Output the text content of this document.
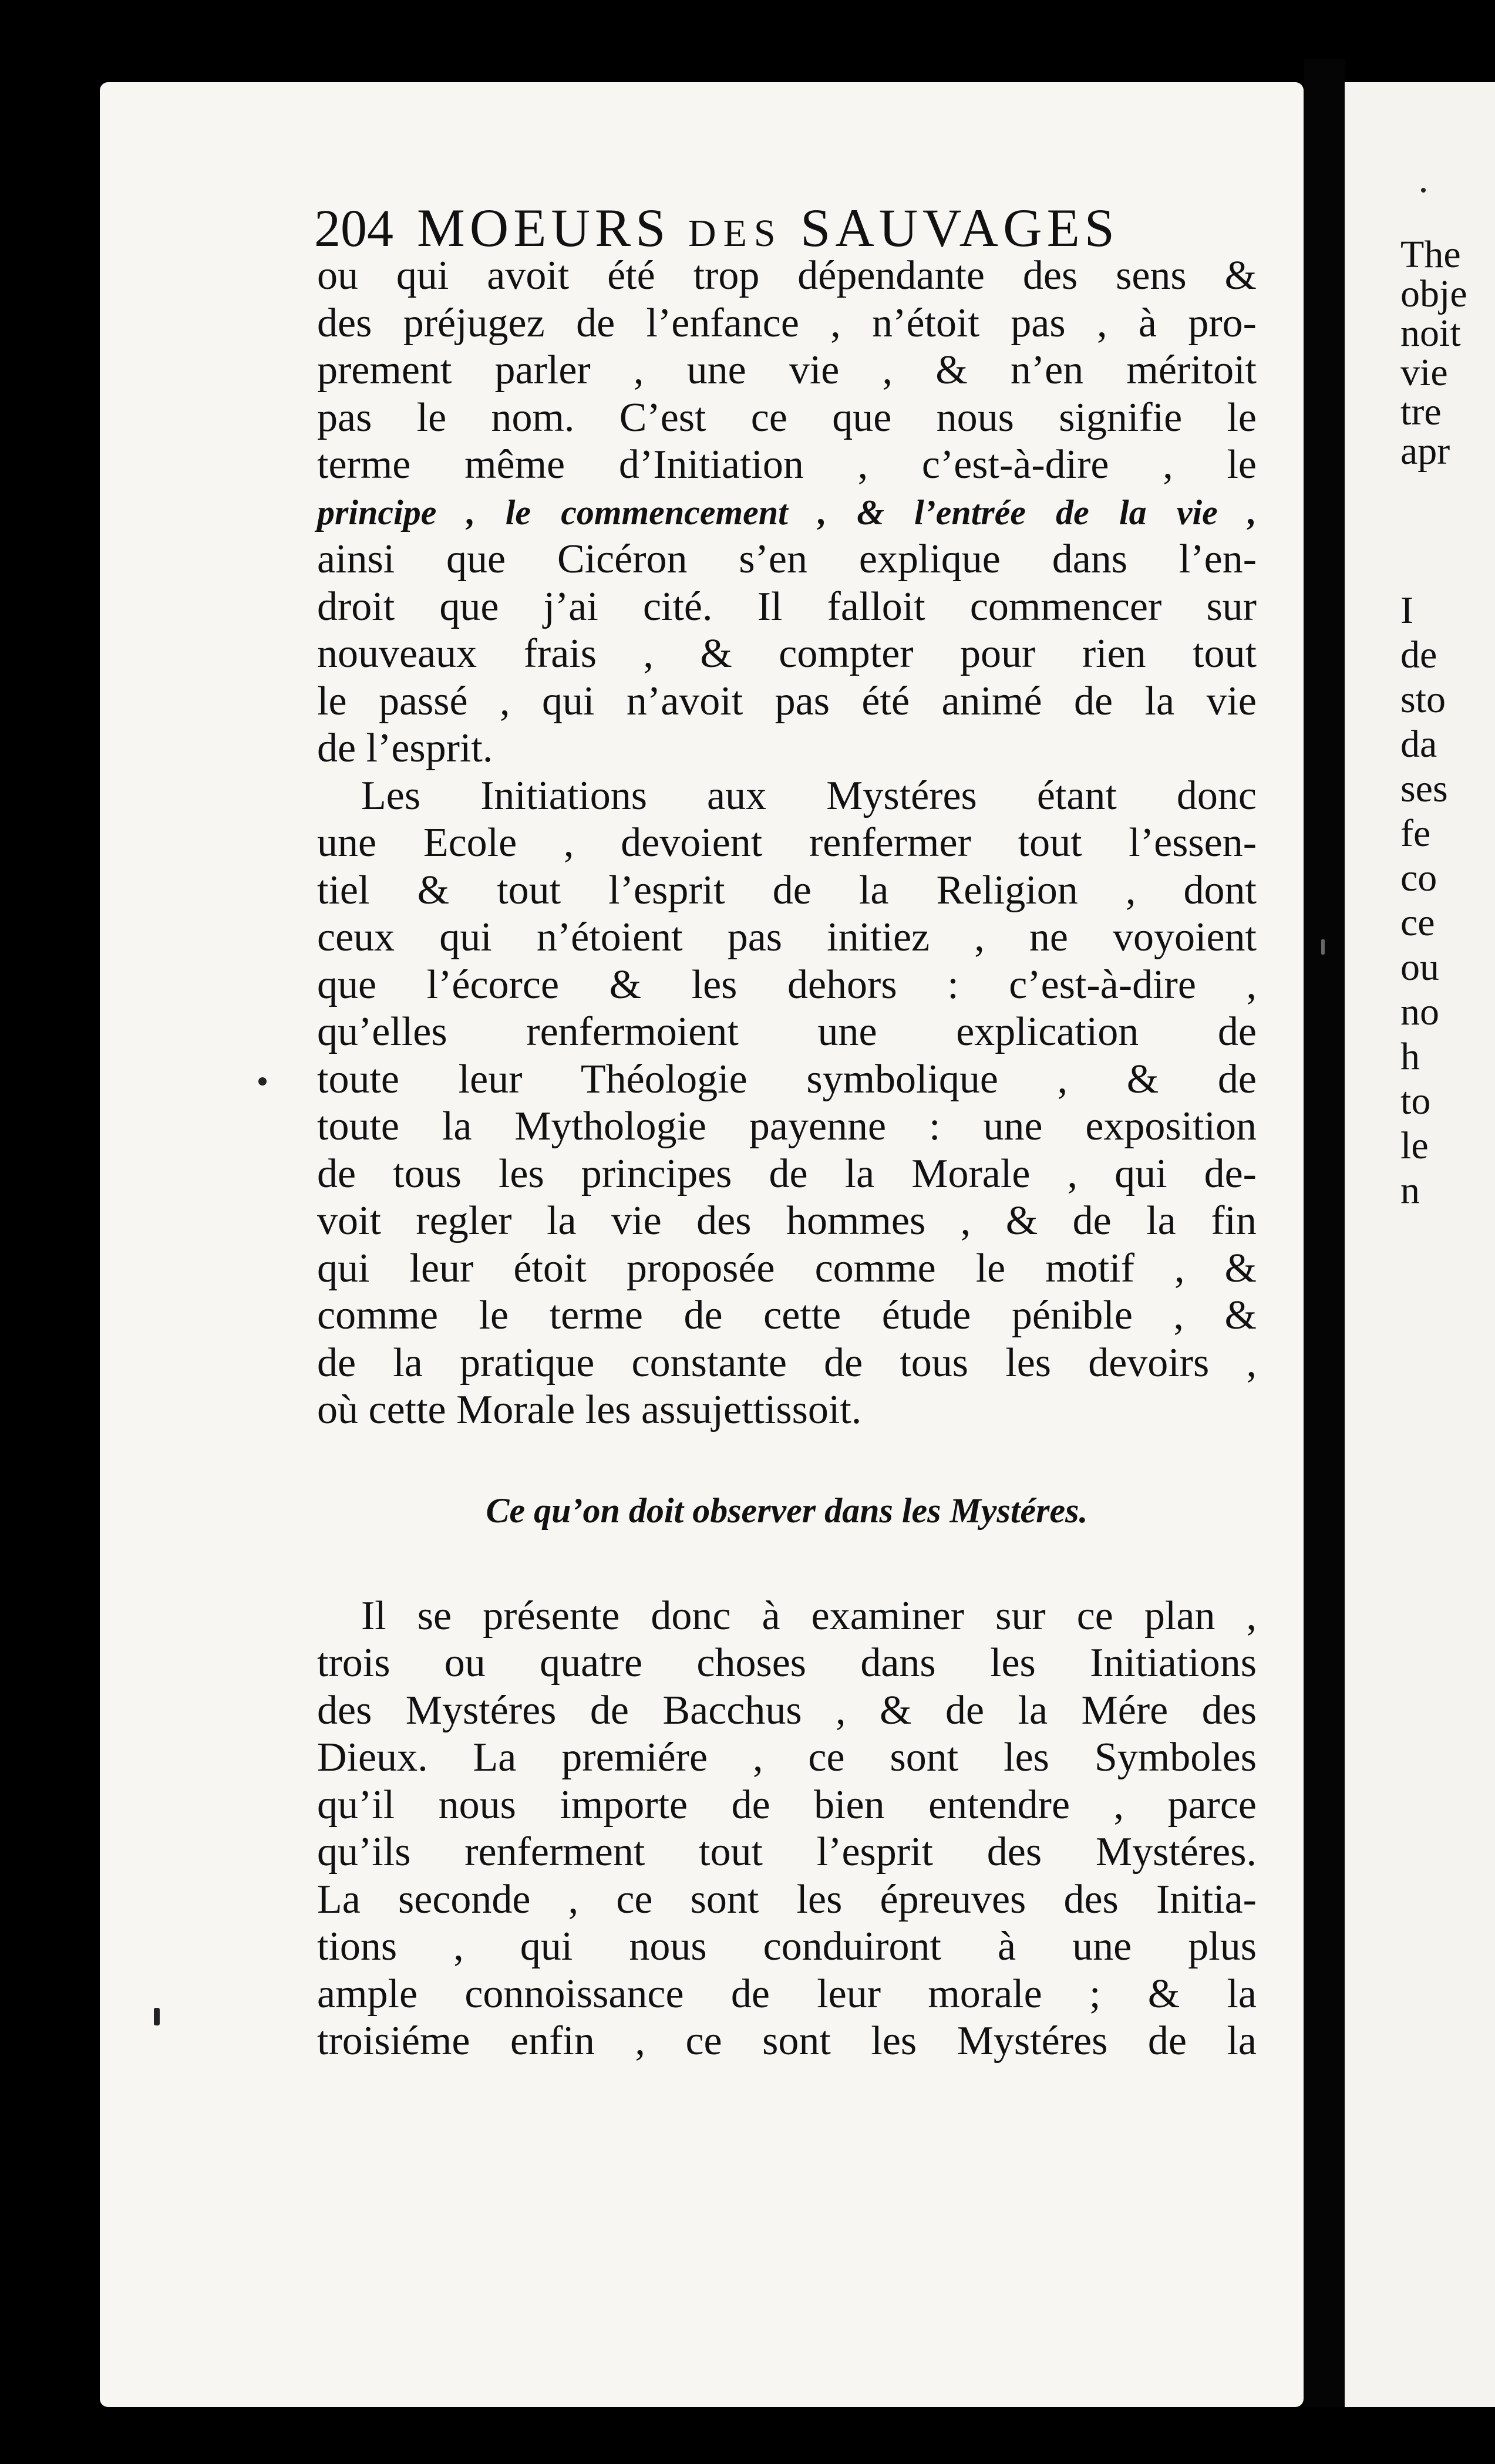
204 MOEURS DES SAUVAGES
ou qui avoit été trop dépendante des sens &
des préjugez de l’enfance , n’étoit pas , à pro-
prement parler , une vie , & n’en méritoit
pas le nom. C’est ce que nous signifie le
terme même d’Initiation , c’est-à-dire , le
principe , le commencement , & l’entrée de la vie ,
ainsi que Cicéron s’en explique dans l’en-
droit que j’ai cité. Il falloit commencer sur
nouveaux frais , & compter pour rien tout
le passé , qui n’avoit pas été animé de la vie
de l’esprit.
Les Initiations aux Mystéres étant donc
une Ecole , devoient renfermer tout l’essen-
tiel & tout l’esprit de la Religion , dont
ceux qui n’étoient pas initiez , ne voyoient
que l’écorce & les dehors : c’est-à-dire ,
qu’elles renfermoient une explication de
toute leur Théologie symbolique , & de
toute la Mythologie payenne : une exposition
de tous les principes de la Morale , qui de-
voit regler la vie des hommes , & de la fin
qui leur étoit proposée comme le motif , &
comme le terme de cette étude pénible , &
de la pratique constante de tous les devoirs ,
où cette Morale les assujettissoit.
Ce qu’on doit observer dans les Mystéres.
Il se présente donc à examiner sur ce plan ,
trois ou quatre choses dans les Initiations
des Mystéres de Bacchus , & de la Mére des
Dieux. La premiére , ce sont les Symboles
qu’il nous importe de bien entendre , parce
qu’ils renferment tout l’esprit des Mystéres.
La seconde , ce sont les épreuves des Initia-
tions , qui nous conduiront à une plus
ample connoissance de leur morale ; & la
troisiéme enfin , ce sont les Mystéres de la
The
obje
noit
vie
tre
apr
I
de
sto
da
ses
fe
co
ce
ou
no
h
to
le
n
